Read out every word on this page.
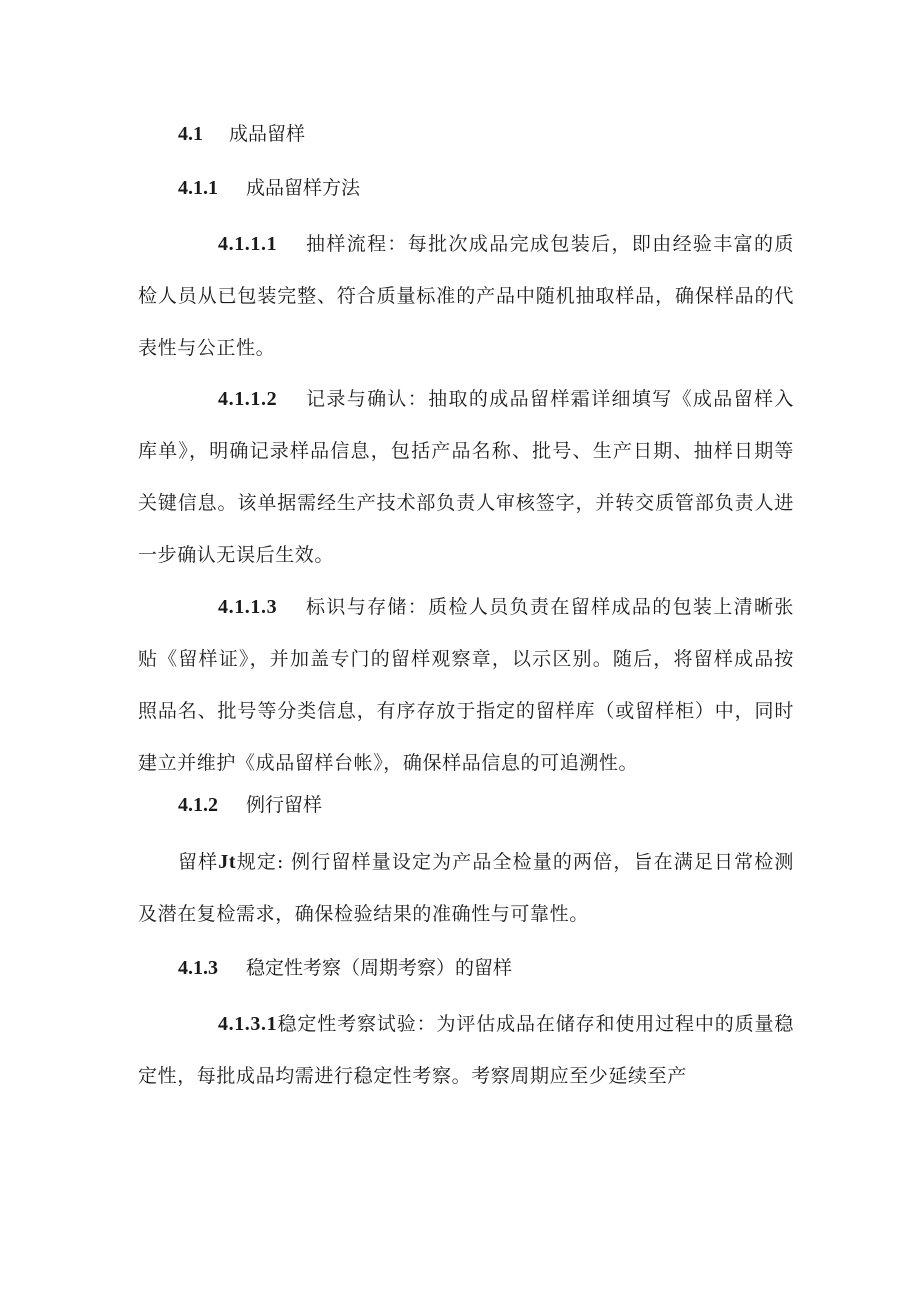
4.1 成品留样
4.1.1 成品留样方法
4.1.1.1 抽样流程：每批次成品完成包装后，即由经验丰富的质检人员从已包装完整、符合质量标准的产品中随机抽取样品，确保样品的代表性与公正性。
4.1.1.2 记录与确认：抽取的成品留样霜详细填写《成品留样入库单》，明确记录样品信息，包括产品名称、批号、生产日期、抽样日期等关键信息。该单据需经生产技术部负责人审核签字，并转交质管部负责人进一步确认无误后生效。
4.1.1.3 标识与存储：质检人员负责在留样成品的包装上清晰张贴《留样证》，并加盖专门的留样观察章，以示区别。随后，将留样成品按照品名、批号等分类信息，有序存放于指定的留样库（或留样柜）中，同时建立并维护《成品留样台帐》，确保样品信息的可追溯性。
4.1.2 例行留样
留样Jt规定: 例行留样量设定为产品全检量的两倍，旨在满足日常检测及潜在复检需求，确保检验结果的准确性与可靠性。
4.1.3 稳定性考察（周期考察）的留样
4.1.3.1稳定性考察试验：为评估成品在储存和使用过程中的质量稳定性，每批成品均需进行稳定性考察。考察周期应至少延续至产
